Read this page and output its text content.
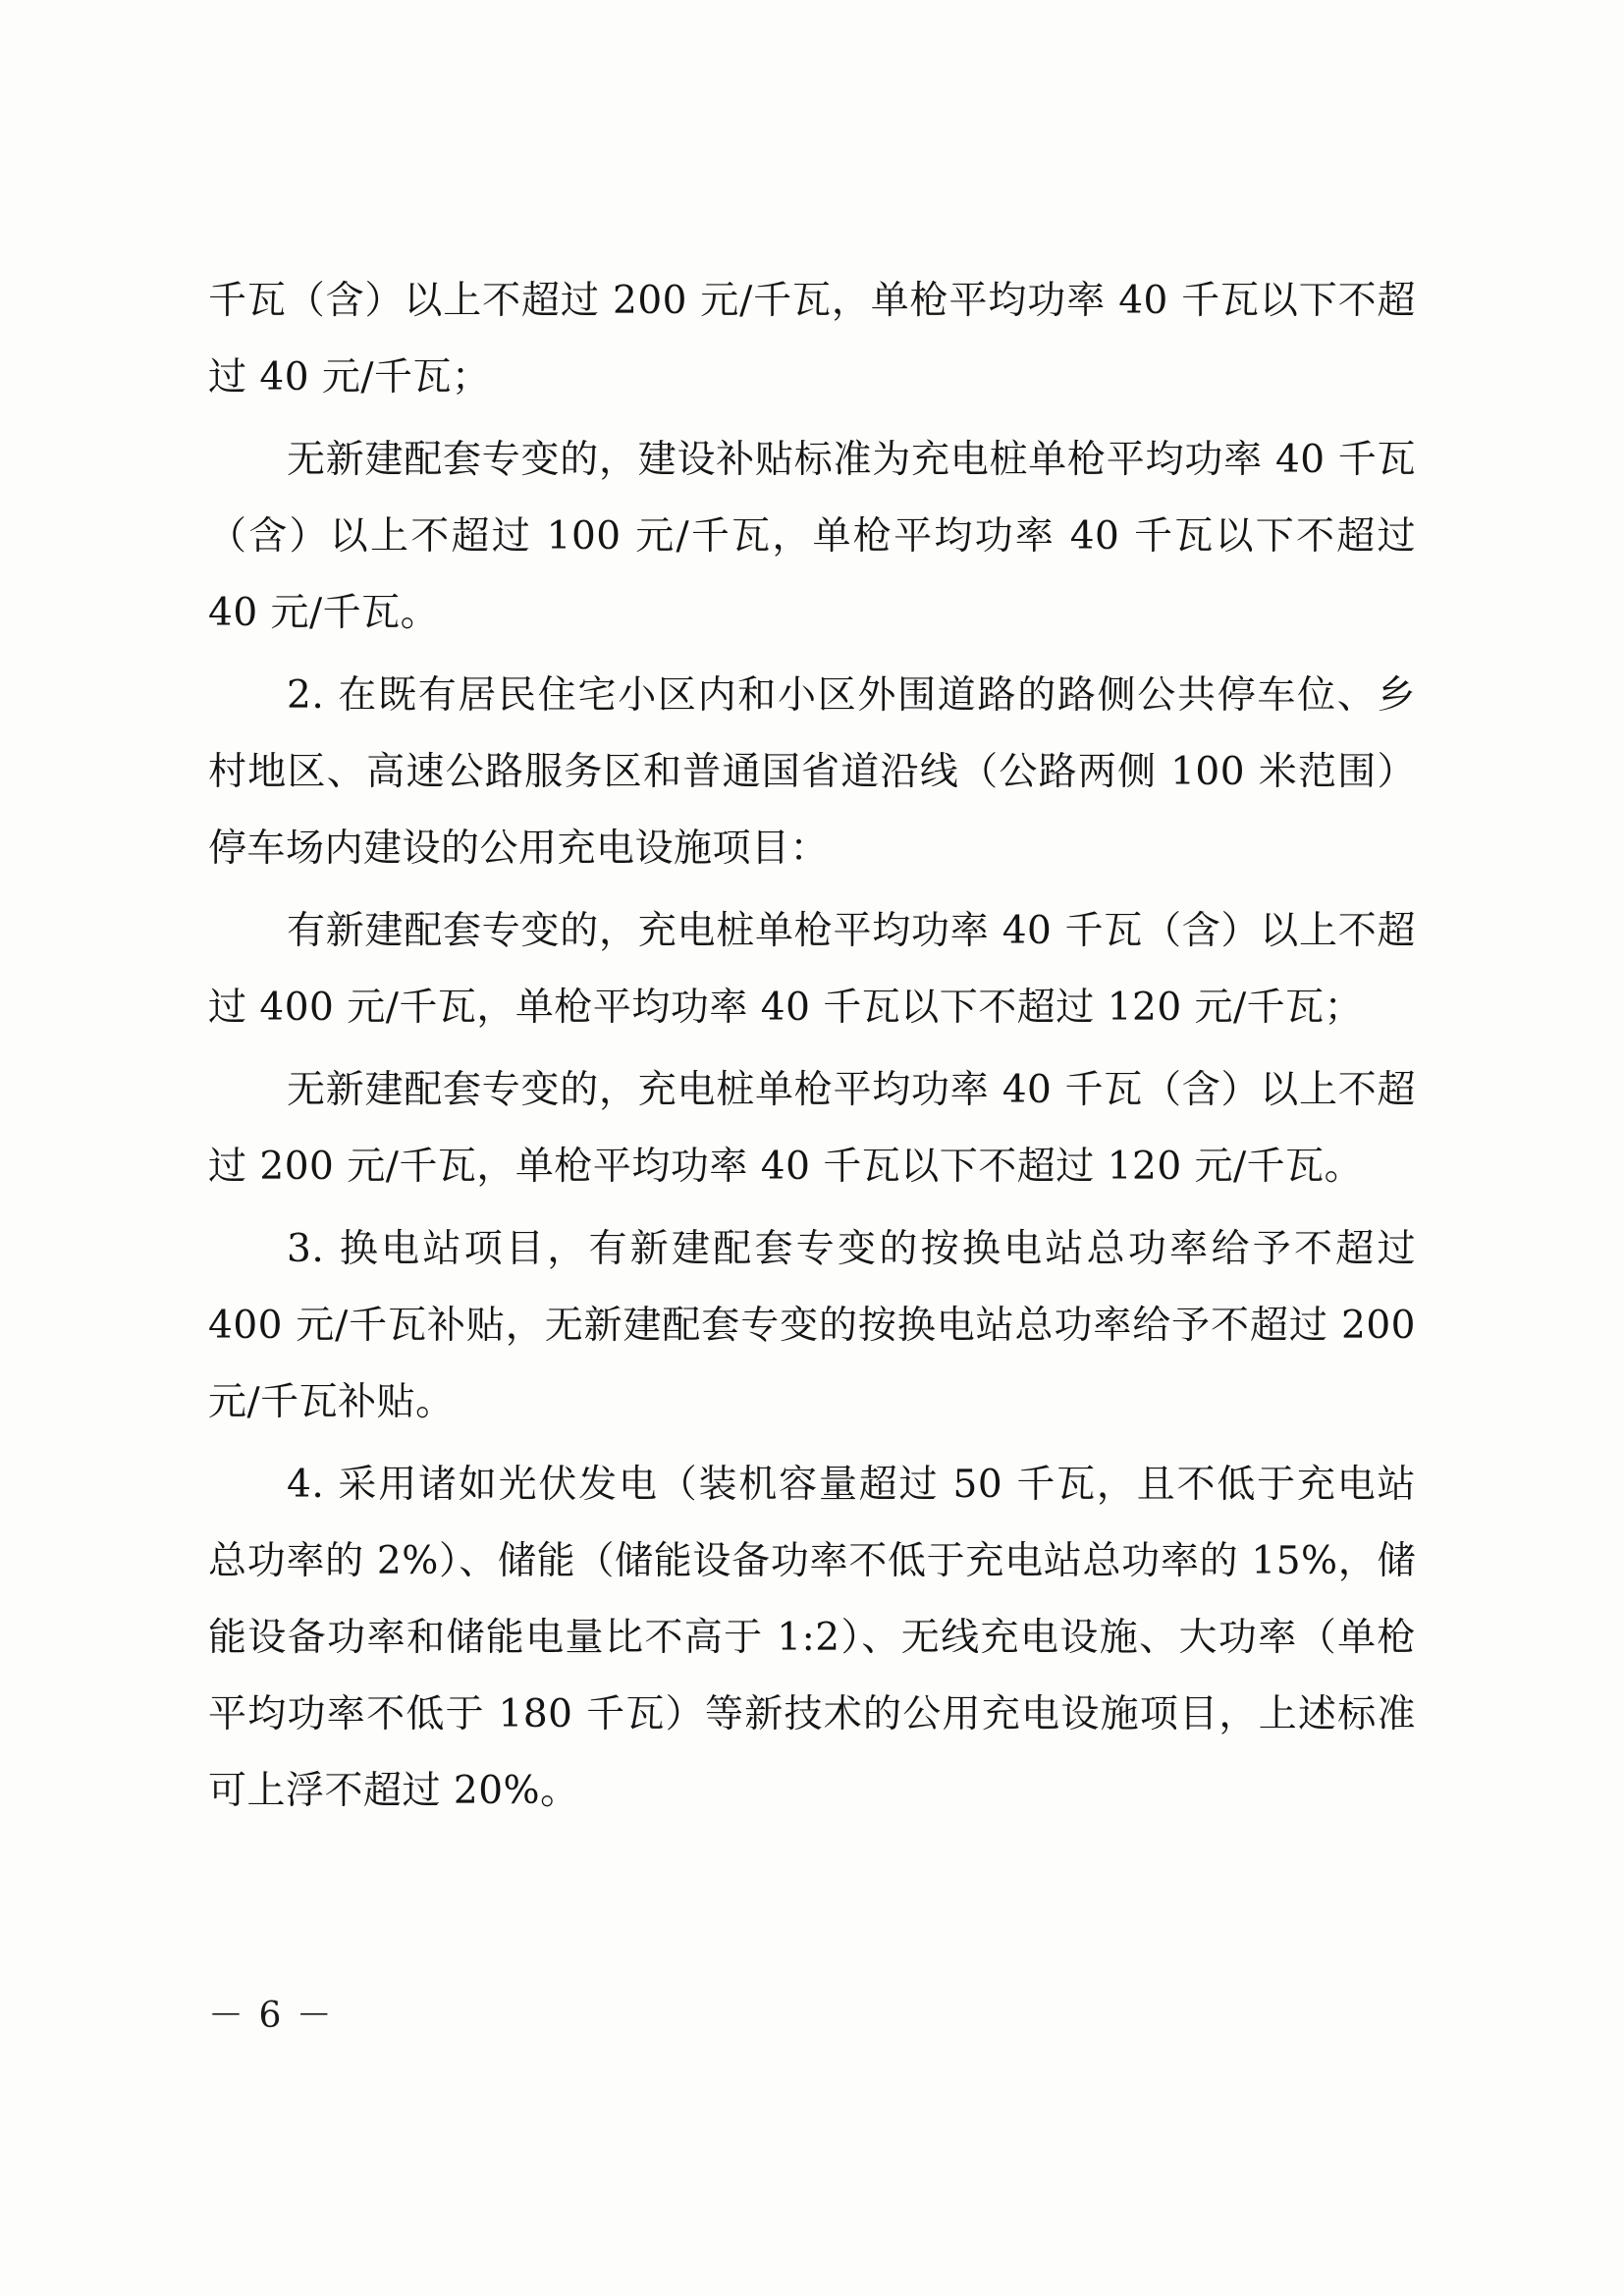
千瓦（含）以上不超过 200 元/千瓦，单枪平均功率 40 千瓦以下不超过 40 元/千瓦；

无新建配套专变的，建设补贴标准为充电桩单枪平均功率 40 千瓦（含）以上不超过 100 元/千瓦，单枪平均功率 40 千瓦以下不超过 40 元/千瓦。

2. 在既有居民住宅小区内和小区外围道路的路侧公共停车位、乡村地区、高速公路服务区和普通国省道沿线（公路两侧 100 米范围）停车场内建设的公用充电设施项目：

有新建配套专变的，充电桩单枪平均功率 40 千瓦（含）以上不超过 400 元/千瓦，单枪平均功率 40 千瓦以下不超过 120 元/千瓦；

无新建配套专变的，充电桩单枪平均功率 40 千瓦（含）以上不超过 200 元/千瓦，单枪平均功率 40 千瓦以下不超过 120 元/千瓦。

3. 换电站项目，有新建配套专变的按换电站总功率给予不超过 400 元/千瓦补贴，无新建配套专变的按换电站总功率给予不超过 200 元/千瓦补贴。

4. 采用诸如光伏发电（装机容量超过 50 千瓦，且不低于充电站总功率的 2%）、储能（储能设备功率不低于充电站总功率的 15%，储能设备功率和储能电量比不高于 1:2）、无线充电设施、大功率（单枪平均功率不低于 180 千瓦）等新技术的公用充电设施项目，上述标准可上浮不超过 20%。

－ 6 －
